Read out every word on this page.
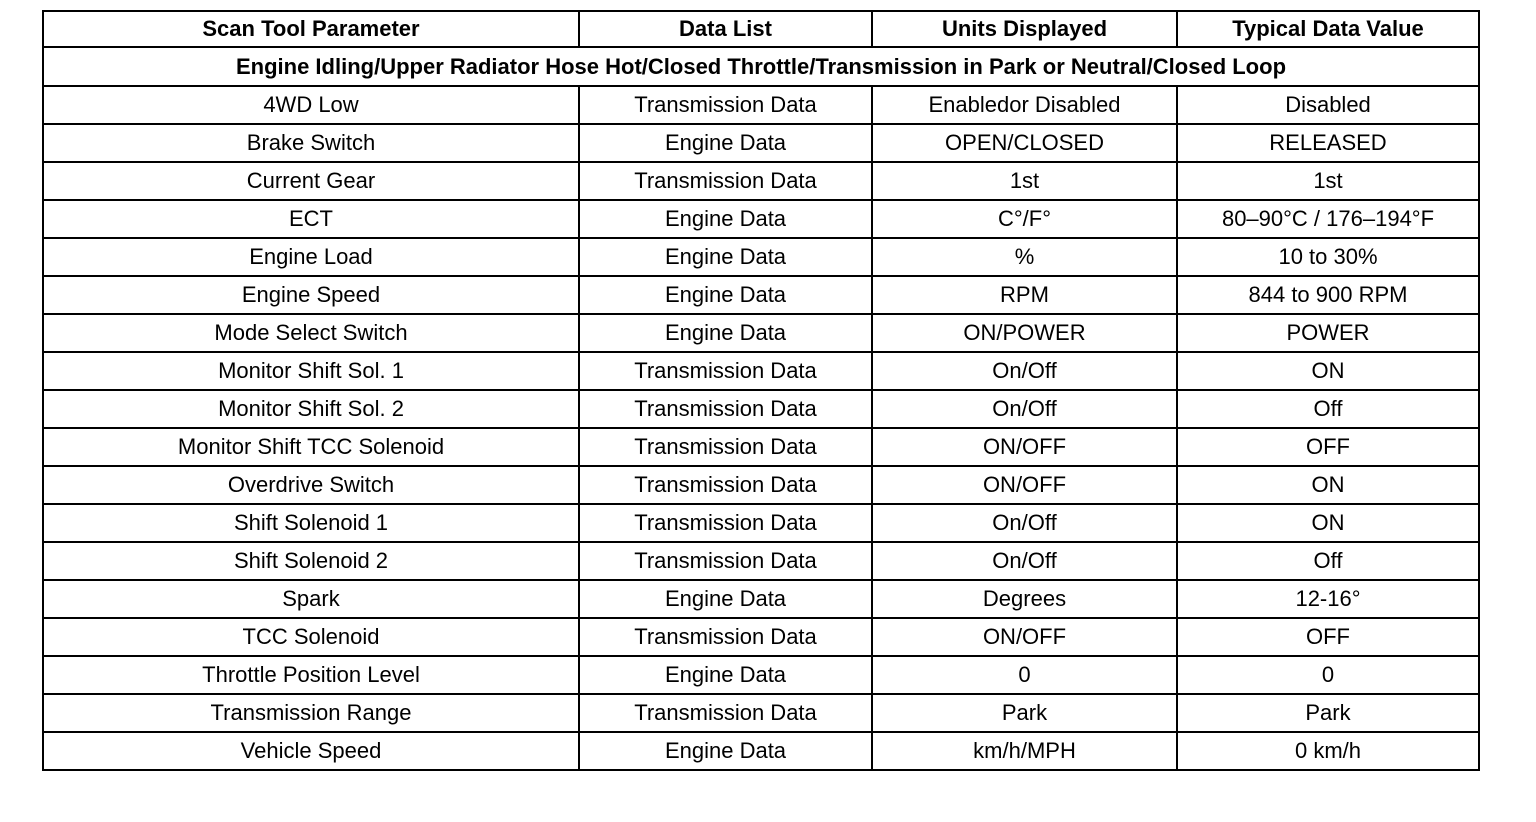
Scan Tool Parameter	Data List	Units Displayed	Typical Data Value
Engine Idling/Upper Radiator Hose Hot/Closed Throttle/Transmission in Park or Neutral/Closed Loop			
4WD Low	Transmission Data	Enabledor Disabled	Disabled
Brake Switch	Engine Data	OPEN/CLOSED	RELEASED
Current Gear	Transmission Data	1st	1st
ECT	Engine Data	C°/F°	80–90°C / 176–194°F
Engine Load	Engine Data	%	10 to 30%
Engine Speed	Engine Data	RPM	844 to 900 RPM
Mode Select Switch	Engine Data	ON/POWER	POWER
Monitor Shift Sol. 1	Transmission Data	On/Off	ON
Monitor Shift Sol. 2	Transmission Data	On/Off	Off
Monitor Shift TCC Solenoid	Transmission Data	ON/OFF	OFF
Overdrive Switch	Transmission Data	ON/OFF	ON
Shift Solenoid 1	Transmission Data	On/Off	ON
Shift Solenoid 2	Transmission Data	On/Off	Off
Spark	Engine Data	Degrees	12-16°
TCC Solenoid	Transmission Data	ON/OFF	OFF
Throttle Position Level	Engine Data	0	0
Transmission Range	Transmission Data	Park	Park
Vehicle Speed	Engine Data	km/h/MPH	0 km/h
